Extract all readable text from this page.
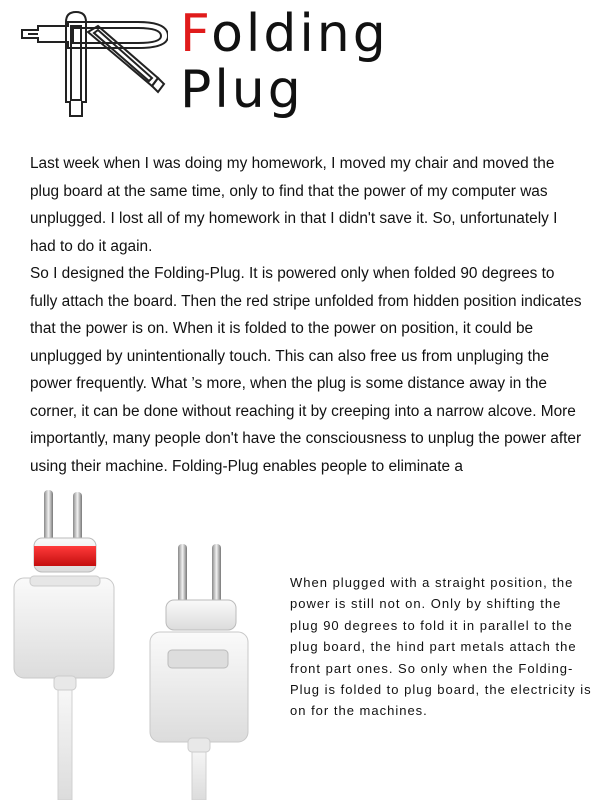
Folding
Plug

Last week when I was doing my homework, I moved my chair and moved the plug board at the same time, only to find that the power of my computer was unplugged. I lost all of my homework in that I didn't save it. So, unfortunately I had to do it again.

So I designed the Folding-Plug. It is powered only when folded 90 degrees to fully attach the board. Then the red stripe unfolded from hidden position indicates that the power is on. When it is folded to the power on position, it could be unplugged by unintentionally touch. This can also free us from unpluging the power frequently. What ’s more, when the plug is some distance away in the corner, it can be done without reaching it by creeping into a narrow alcove. More importantly, many people don't have the consciousness to unplug the power after using their machine. Folding-Plug enables people to eliminate a

When plugged with a straight position, the power is still not on. Only by shifting the plug 90 degrees to fold it in parallel to the plug board, the hind part metals attach the front part ones. So only when the Folding-Plug is folded to plug board, the electricity is on for the machines.
